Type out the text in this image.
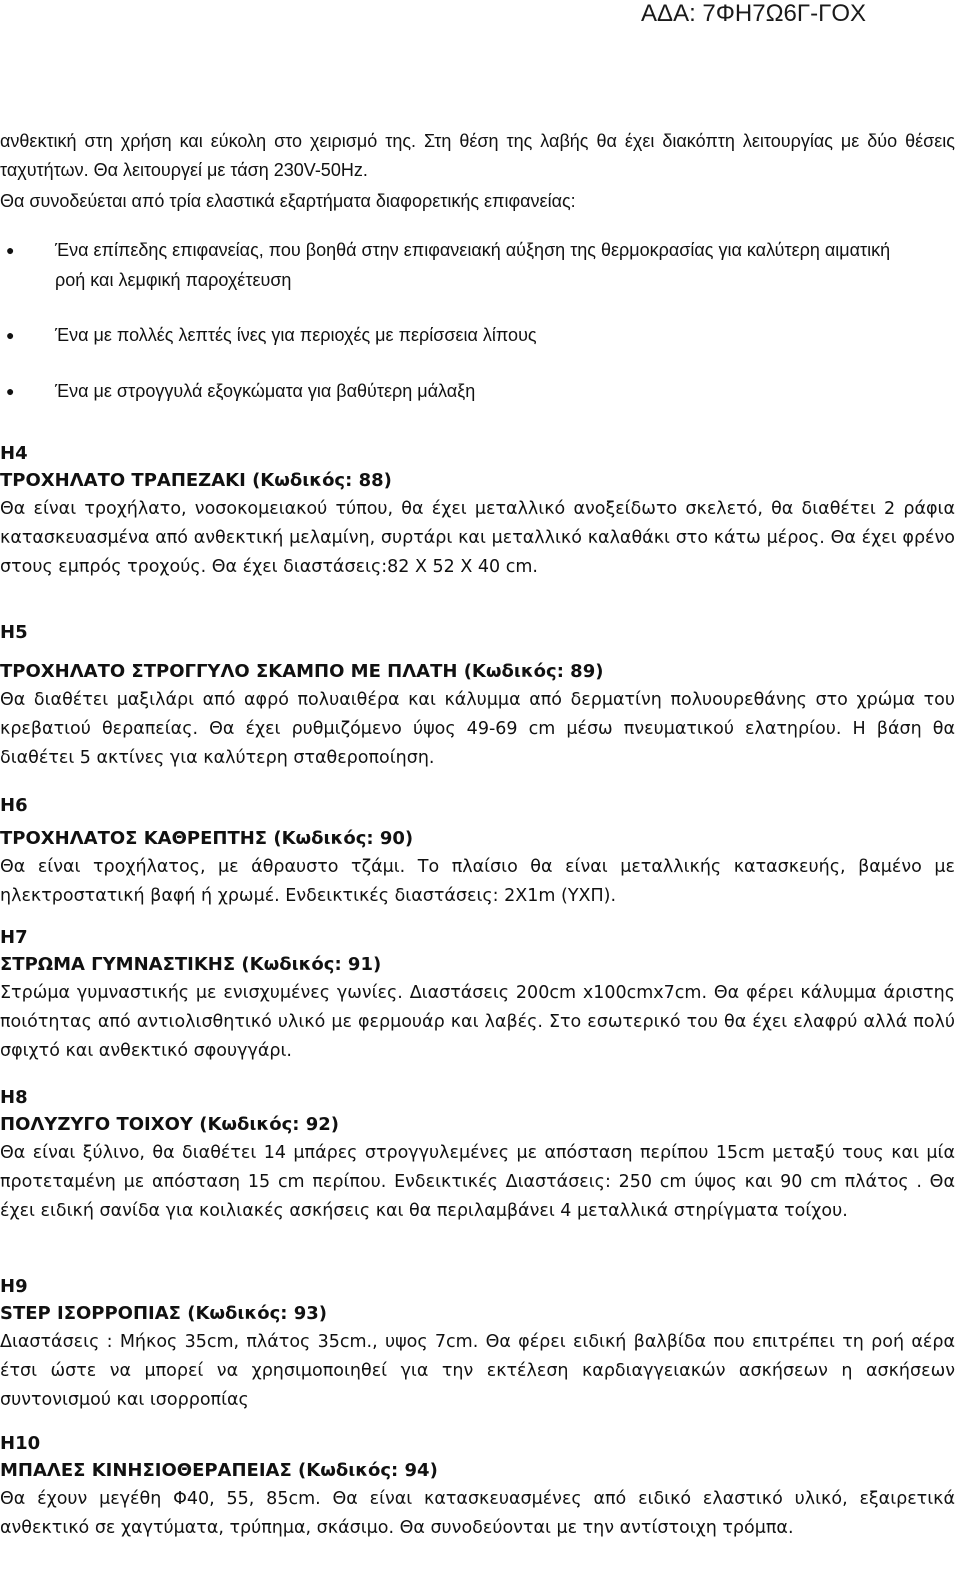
ΑΔΑ: 7ΦΗ7Ω6Γ-ΓΟΧ

ανθεκτική στη χρήση και εύκολη στο χειρισμό της. Στη θέση της λαβής θα έχει διακόπτη λειτουργίας με δύο θέσεις ταχυτήτων. Θα λειτουργεί με τάση 230V-50Hz.

Θα συνοδεύεται από τρία ελαστικά εξαρτήματα διαφορετικής επιφανείας:

● Ένα επίπεδης επιφανείας, που βοηθά στην επιφανειακή αύξηση της θερμοκρασίας για καλύτερη αιματική ροή και λεμφική παροχέτευση
● Ένα με πολλές λεπτές ίνες για περιοχές με περίσσεια λίπους
● Ένα με στρογγυλά εξογκώματα για βαθύτερη μάλαξη
Η4
ΤΡΟΧΗΛΑΤΟ ΤΡΑΠΕΖΑΚΙ (Κωδικός: 88)
Θα είναι τροχήλατο, νοσοκομειακού τύπου, θα έχει μεταλλικό ανοξείδωτο σκελετό, θα διαθέτει 2 ράφια κατασκευασμένα από ανθεκτική μελαμίνη, συρτάρι και μεταλλικό καλαθάκι στο κάτω μέρος. Θα έχει φρένο στους εμπρός τροχούς. Θα έχει διαστάσεις:82 Χ 52 Χ 40 cm.
Η5
ΤΡΟΧΗΛΑΤΟ ΣΤΡΟΓΓΥΛΟ ΣΚΑΜΠΟ ΜΕ ΠΛΑΤΗ (Κωδικός: 89)
Θα διαθέτει μαξιλάρι από αφρό πολυαιθέρα και κάλυμμα από δερματίνη πολυουρεθάνης στο χρώμα του κρεβατιού θεραπείας. Θα έχει ρυθμιζόμενο ύψος 49-69 cm μέσω πνευματικού ελατηρίου. Η βάση θα διαθέτει 5 ακτίνες για καλύτερη σταθεροποίηση.
Η6
ΤΡΟΧΗΛΑΤΟΣ ΚΑΘΡΕΠΤΗΣ (Κωδικός: 90)
Θα είναι τροχήλατος, με άθραυστο τζάμι. Το πλαίσιο θα είναι μεταλλικής κατασκευής, βαμένο με ηλεκτροστατική βαφή ή χρωμέ. Ενδεικτικές διαστάσεις: 2Χ1m (ΥΧΠ).
Η7
ΣΤΡΩΜΑ ΓΥΜΝΑΣΤΙΚΗΣ (Κωδικός: 91)
Στρώμα γυμναστικής με ενισχυμένες γωνίες. Διαστάσεις 200cm x100cmx7cm. Θα φέρει κάλυμμα άριστης ποιότητας από αντιολισθητικό υλικό με φερμουάρ και λαβές. Στο εσωτερικό του θα έχει ελαφρύ αλλά πολύ σφιχτό και ανθεκτικό σφουγγάρι.
Η8
ΠΟΛΥΖΥΓΟ ΤΟΙΧΟΥ (Κωδικός: 92)
Θα είναι ξύλινο, θα διαθέτει 14 μπάρες στρογγυλεμένες με απόσταση περίπου 15cm μεταξύ τους και μία προτεταμένη με απόσταση 15 cm περίπου. Ενδεικτικές Διαστάσεις: 250 cm ύψος και 90 cm πλάτος . Θα έχει ειδική σανίδα για κοιλιακές ασκήσεις και θα περιλαμβάνει 4 μεταλλικά στηρίγματα τοίχου.
Η9
STEP ΙΣΟΡΡΟΠΙΑΣ (Κωδικός: 93)
Διαστάσεις : Μήκος 35cm, πλάτος 35cm., υψος 7cm. Θα φέρει ειδική βαλβίδα που επιτρέπει τη ροή αέρα έτσι ώστε να μπορεί να χρησιμοποιηθεί για την εκτέλεση καρδιαγγειακών ασκήσεων η ασκήσεων συντονισμού και ισορροπίας
Η10
ΜΠΑΛΕΣ ΚΙΝΗΣΙΟΘΕΡΑΠΕΙΑΣ (Κωδικός: 94)
Θα έχουν μεγέθη Φ40, 55, 85cm. Θα είναι κατασκευασμένες από ειδικό ελαστικό υλικό, εξαιρετικά ανθεκτικό σε χαγτύματα, τρύπημα, σκάσιμο. Θα συνοδεύονται με την αντίστοιχη τρόμπα.
